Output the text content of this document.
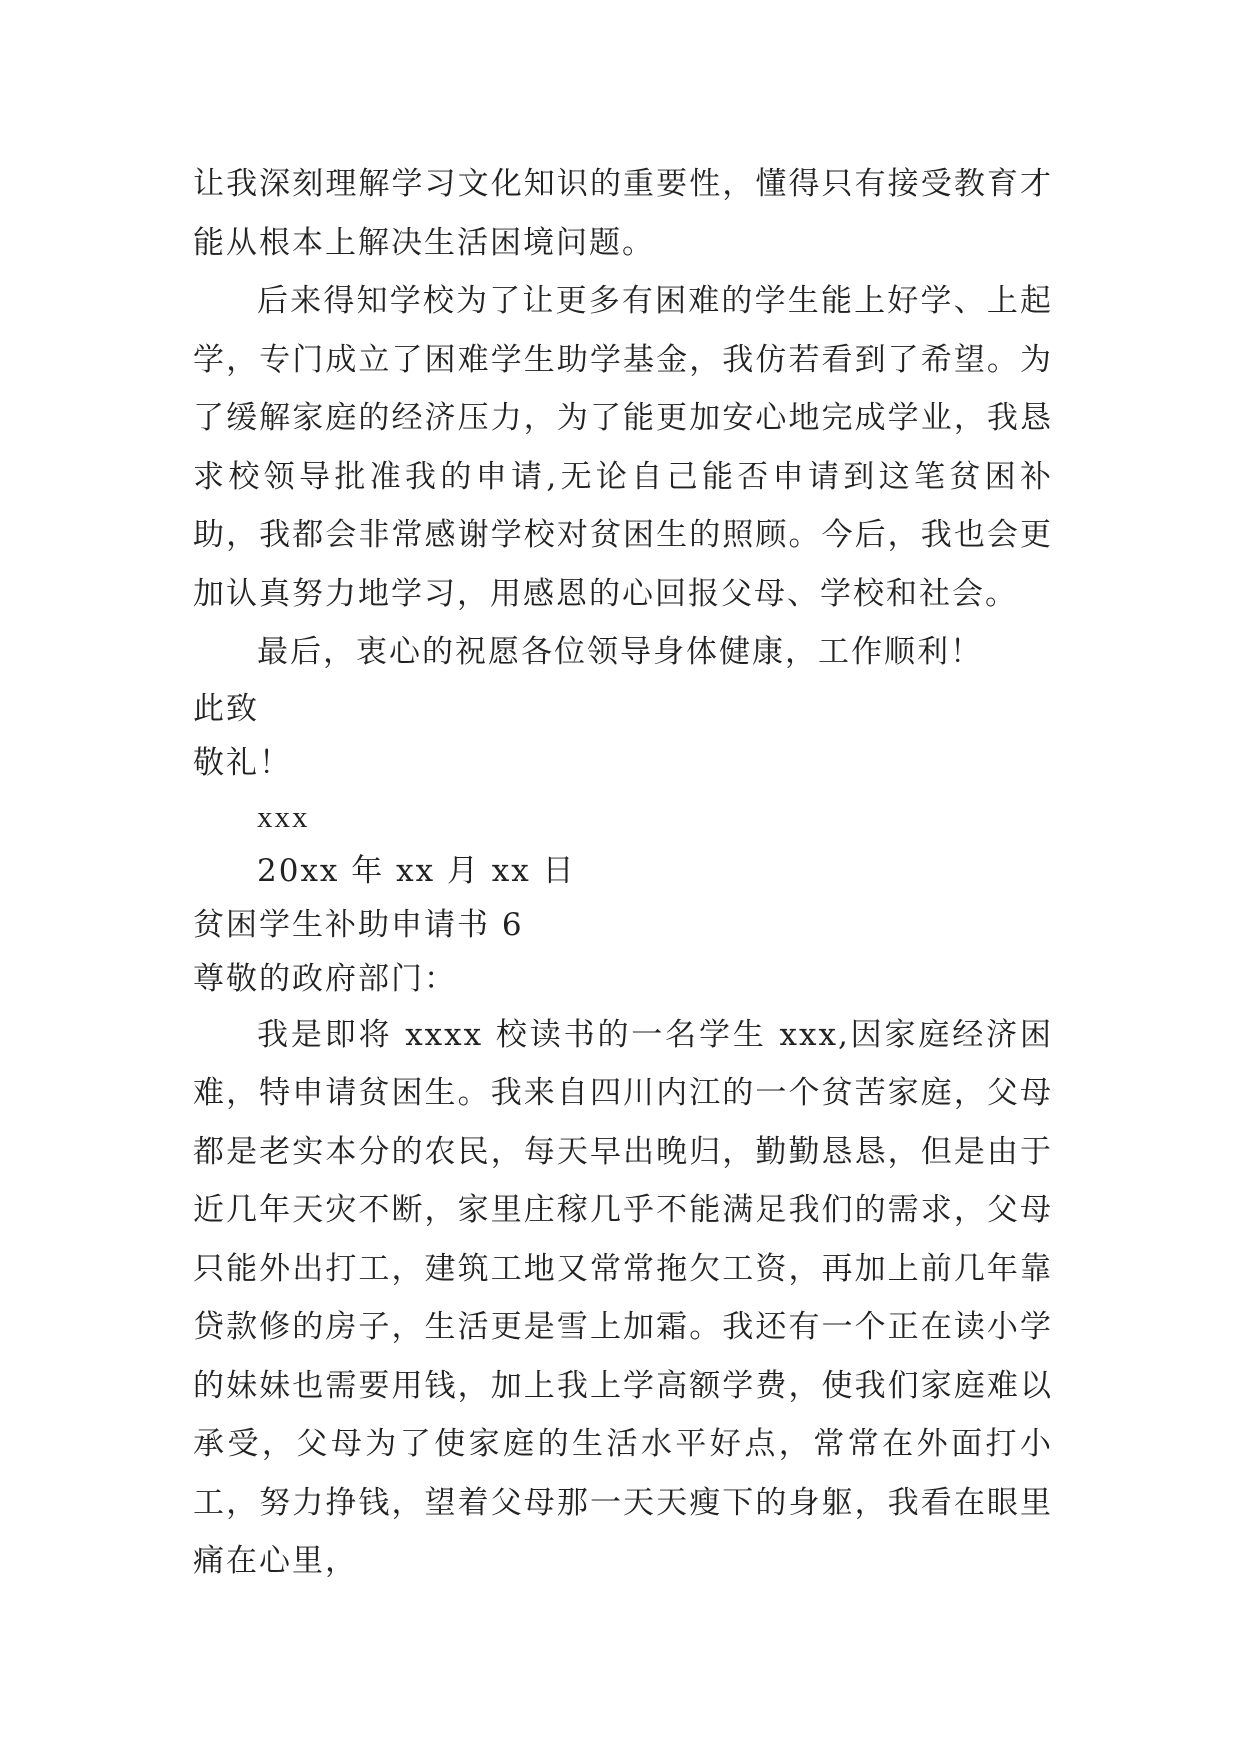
让我深刻理解学习文化知识的重要性，懂得只有接受教育才能从根本上解决生活困境问题。

后来得知学校为了让更多有困难的学生能上好学、上起学，专门成立了困难学生助学基金，我仿若看到了希望。为了缓解家庭的经济压力，为了能更加安心地完成学业，我恳求校领导批准我的申请,无论自己能否申请到这笔贫困补助，我都会非常感谢学校对贫困生的照顾。今后，我也会更加认真努力地学习，用感恩的心回报父母、学校和社会。

最后，衷心的祝愿各位领导身体健康，工作顺利！

此致

敬礼！

xxx

20xx 年 xx 月 xx 日

贫困学生补助申请书 6

尊敬的政府部门：

我是即将 xxxx 校读书的一名学生 xxx,因家庭经济困难，特申请贫困生。我来自四川内江的一个贫苦家庭，父母都是老实本分的农民，每天早出晚归，勤勤恳恳，但是由于近几年天灾不断，家里庄稼几乎不能满足我们的需求，父母只能外出打工，建筑工地又常常拖欠工资，再加上前几年靠贷款修的房子，生活更是雪上加霜。我还有一个正在读小学的妹妹也需要用钱，加上我上学高额学费，使我们家庭难以承受，父母为了使家庭的生活水平好点，常常在外面打小工，努力挣钱，望着父母那一天天瘦下的身躯，我看在眼里痛在心里，
